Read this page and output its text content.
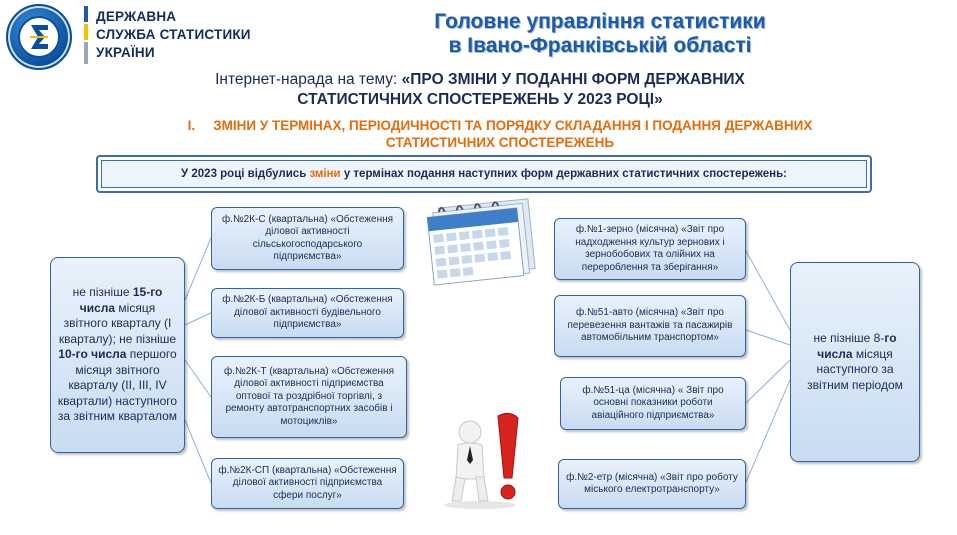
ДЕРЖАВНА
СЛУЖБА СТАТИСТИКИ
УКРАЇНИ
Головне управління статистики
в Івано-Франківській області
Інтернет-нарада на тему: «ПРО ЗМІНИ У ПОДАННІ ФОРМ ДЕРЖАВНИХ
СТАТИСТИЧНИХ СПОСТЕРЕЖЕНЬ У 2023 РОЦІ»
I. ЗМІНИ У ТЕРМІНАХ, ПЕРІОДИЧНОСТІ ТА ПОРЯДКУ СКЛАДАННЯ І ПОДАННЯ ДЕРЖАВНИХ
СТАТИСТИЧНИХ СПОСТЕРЕЖЕНЬ
У 2023 році відбулись зміни у термінах подання наступних форм державних статистичних спостережень:
не пізніше 15-го числа місяця звітного кварталу (І кварталу); не пізніше 10-го числа першого місяця звітного кварталу (ІІ, ІІІ, IV квартали) наступного за звітним кварталом
ф.№2К-С (квартальна) «Обстеження ділової активності сільськогосподарського підприємства»
ф.№2К-Б (квартальна) «Обстеження ділової активності будівельного підприємства»
ф.№2К-Т (квартальна) «Обстеження ділової активності підприємства оптової та роздрібної торгівлі, з ремонту автотранспортних засобів і мотоциклів»
ф.№2К-СП (квартальна) «Обстеження ділової активності підприємства сфери послуг»
ф.№1-зерно (місячна) «Звіт про надходження культур зернових і зернобобових та олійних на перероблення та зберігання»
ф.№51-авто (місячна) «Звіт про перевезення вантажів та пасажирів автомобільним транспортом»
ф.№51-ца (місячна) « Звіт про основні показники роботи авіаційного підприємства»
ф.№2-етр (місячна) «Звіт про роботу міського електротранспорту»
не пізніше 8-го числа місяця наступного за звітним періодом
